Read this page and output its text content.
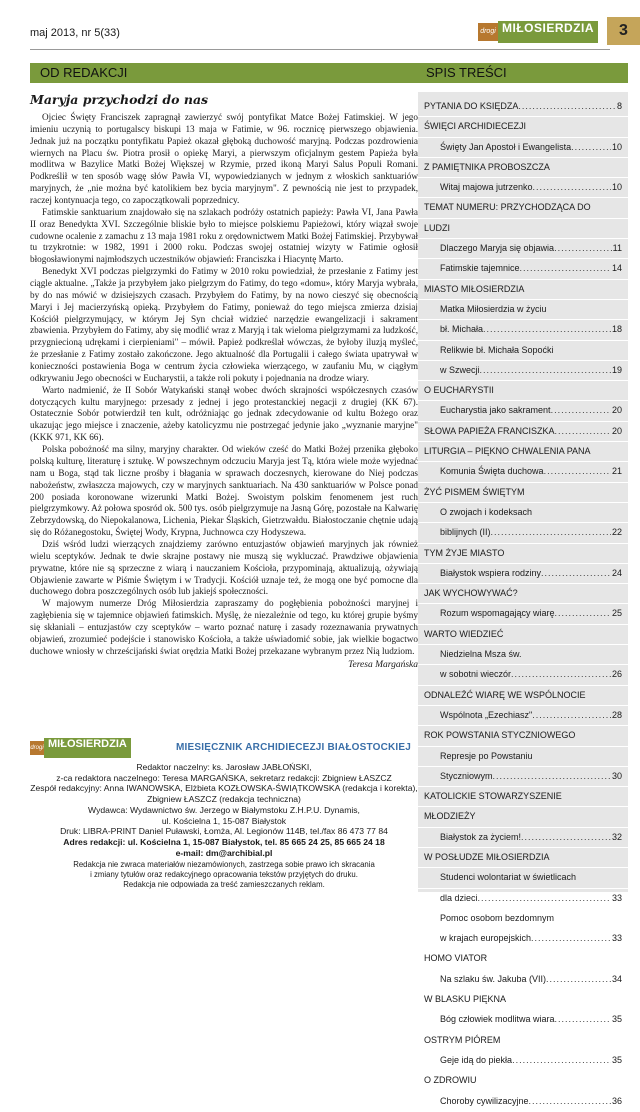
maj 2013, nr 5(33)	drogi MIŁOSIERDZIA	3
OD REDAKCJI	SPIS TREŚCI
Maryja przychodzi do nas

Ojciec Święty Franciszek zapragnął zawierzyć swój pontyfikat Matce Bożej Fatimskiej. W jego imieniu uczynią to portugalscy biskupi 13 maja w Fatimie, w 96. rocznicę pierwszego objawienia. Jednak już na początku pontyfikatu Papież okazał głęboką duchowość maryjną. Podczas pozdrowienia wiernych na Placu św. Piotra prosił o opiekę Maryi, a pierwszym oficjalnym gestem Papieża była modlitwa w Bazylice Matki Bożej Większej w Rzymie, przed ikoną Maryi Salus Populi Romani. Podkreślił w ten sposób wagę słów Pawła VI, wypowiedzianych w jednym z włoskich sanktuariów maryjnych, że „nie można być katolikiem bez bycia maryjnym". Z pewnością nie jest to przypadek, raczej kontynuacja tego, co zapoczątkowali poprzednicy.

Fatimskie sanktuarium znajdowało się na szlakach podróży ostatnich papieży: Pawła VI, Jana Pawła II oraz Benedykta XVI. Szczególnie bliskie było to miejsce polskiemu Papieżowi, który wiązał swoje cudowne ocalenie z zamachu z 13 maja 1981 roku z orędownictwem Matki Bożej Fatimskiej. Przybywał tu trzykrotnie: w 1982, 1991 i 2000 roku. Podczas swojej ostatniej wizyty w Fatimie ogłosił błogosławionymi najmłodszych uczestników objawień: Franciszka i Hiacyntę Marto.

Benedykt XVI podczas pielgrzymki do Fatimy w 2010 roku powiedział, że przesłanie z Fatimy jest ciągle aktualne. „Także ja przybyłem jako pielgrzym do Fatimy, do tego «domu», który Maryja wybrała, by do nas mówić w dzisiejszych czasach. Przybyłem do Fatimy, by na nowo cieszyć się obecnością Maryi i Jej macierzyńską opieką. Przybyłem do Fatimy, ponieważ do tego miejsca zmierza dzisiaj Kościół pielgrzymujący, w którym Jej Syn chciał widzieć narzędzie ewangelizacji i sakrament zbawienia. Przybyłem do Fatimy, aby się modlić wraz z Maryją i tak wieloma pielgrzymami za ludzkość, przygniecioną udrękami i cierpieniami" – mówił. Papież podkreślał wówczas, że byłoby iluzją myśleć, że przesłanie z Fatimy zostało zakończone. Jego aktualność dla Portugalii i całego świata upatrywał w konieczności postawienia Boga w centrum życia człowieka wierzącego, w zaufaniu Mu, w ciągłym odkrywaniu Jego obecności w Eucharystii, a także roli pokuty i pojednania na drodze wiary.

Warto nadmienić, że II Sobór Watykański stanął wobec dwóch skrajności współczesnych czasów dotyczących kultu maryjnego: przesady z jednej i jego protestanckiej negacji z drugiej (KK 67). Ostatecznie Sobór potwierdził ten kult, odróżniając go jednak zdecydowanie od kultu Bożego oraz ukazując jego miejsce i znaczenie, ażeby katolicyzmu nie postrzegać jedynie jako „wyznanie maryjne" (KKK 971, KK 66).

Polska pobożność ma silny, maryjny charakter. Od wieków cześć do Matki Bożej przenika głęboko polską kulturę, literaturę i sztukę. W powszechnym odczuciu Maryja jest Tą, która wiele może wyjednać nam u Boga, stąd tak liczne prośby i błagania w sprawach doczesnych, kierowane do Niej podczas nabożeństw, zwłaszcza majowych, czy w maryjnych sanktuariach. Na 430 sanktuariów w Polsce ponad 200 posiada koronowane wizerunki Matki Bożej. Swoistym polskim fenomenem jest ruch pielgrzymkowy. Aż połowa sposród ok. 500 tys. osób pielgrzymuje na Jasną Górę, pozostałe na Kalwarię Zebrzydowską, do Niepokalanowa, Lichenia, Piekar Śląskich, Gietrzwałdu. Białostoczanie chętnie udają się do Różanegostoku, Świętej Wody, Krypna, Juchnowca czy Hodyszewa.

Dziś wśród ludzi wierzących znajdziemy zarówno entuzjastów objawień maryjnych jak również wielu sceptyków. Jednak te dwie skrajne postawy nie muszą się wykluczać. Prawdziwe objawienia prywatne, które nie są sprzeczne z wiarą i nauczaniem Kościoła, przypominają, aktualizują, ożywiają Objawienie zawarte w Piśmie Świętym i w Tradycji. Kościół uznaje też, że mogą one być pomocne dla duchowego dobra poszczególnych osób lub jakiejś społeczności.

W majowym numerze Dróg Miłosierdzia zapraszamy do pogłębienia pobożności maryjnej i zagłębienia się w tajemnice objawień fatimskich. Myślę, że niezależnie od tego, ku której grupie byśmy się skłaniali – entuzjastów czy sceptyków – warto poznać naturę i zasady rozeznawania prywatnych objawień, zrozumieć podejście i stanowisko Kościoła, a także uświadomić sobie, jak wielkie bogactwo duchowe wniosły w chrześcijański świat orędzia Matki Bożej przekazane wybranym przez Nią ludziom.

Teresa Margańska
drogi MIŁOSIERDZIA	MIESIĘCZNIK ARCHIDIECEZJI BIAŁOSTOCKIEJ
Redaktor naczelny: ks. Jarosław JABŁOŃSKI,
z-ca redaktora naczelnego: Teresa MARGAŃSKA, sekretarz redakcji: Zbigniew ŁASZCZ
Zespół redakcyjny: Anna IWANOWSKA, Elżbieta KOZŁOWSKA-ŚWIĄTKOWSKA (redakcja i korekta),
Zbigniew ŁASZCZ (redakcja techniczna)
Wydawca: Wydawnictwo św. Jerzego w Białymstoku Z.H.P.U. Dynamis,
ul. Kościelna 1, 15-087 Białystok
Druk: LIBRA-PRINT Daniel Puławski, Łomża, Al. Legionów 114B, tel./fax 86 473 77 84
Adres redakcji: ul. Kościelna 1, 15-087 Białystok, tel. 85 665 24 25, 85 665 24 18
e-mail: dm@archibial.pl
Redakcja nie zwraca materiałów niezamówionych, zastrzega sobie prawo ich skracania
i zmiany tytułów oraz redakcyjnego opracowania tekstów przyjętych do druku.
Redakcja nie odpowiada za treść zamieszczanych reklam.
PYTANIA DO KSIĘDZA .....	8
ŚWIĘCI ARCHIDIECEZJI
Święty Jan Apostoł i Ewangelista .....	10
Z PAMIĘTNIKA PROBOSZCZA
Witaj majowa jutrzenko .....	10
TEMAT NUMERU: PRZYCHODZĄCA DO
LUDZI
Dlaczego Maryja się objawia .....	11
Fatimskie tajemnice .....	14
MIASTO MIŁOSIERDZIA
Matka Miłosierdzia w życiu
bł. Michała .....	18
Relikwie bł. Michała Sopoćki
w Szwecji .....	19
O EUCHARYSTII
Eucharystia jako sakrament .....	20
SŁOWA PAPIEŻA FRANCISZKA .....	20
LITURGIA – PIĘKNO CHWALENIA PANA
Komunia Święta duchowa .....	21
ŻYĆ PISMEM ŚWIĘTYM
O zwojach i kodeksach
biblijnych (II) .....	22
TYM ŻYJE MIASTO
Białystok wspiera rodziny .....	24
JAK WYCHOWYWAĆ?
Rozum wspomagający wiarę .....	25
WARTO WIEDZIEĆ
Niedzielna Msza św.
w sobotni wieczór .....	26
ODNALEŹĆ WIARĘ WE WSPÓLNOCIE
Wspólnota „Ezechiasz" .....	28
ROK POWSTANIA STYCZNIOWEGO
Represje po Powstaniu
Styczniowym .....	30
KATOLICKIE STOWARZYSZENIE
MŁODZIEŻY
Białystok za życiem! .....	32
W POSŁUDZE MIŁOSIERDZIA
Studenci wolontariat w świetlicach
dla dzieci .....	33
Pomoc osobom bezdomnym
w krajach europejskich .....	33
HOMO VIATOR
Na szlaku św. Jakuba (VII) .....	34
W BLASKU PIĘKNA
Bóg człowiek modlitwa wiara .....	35
OSTRYM PIÓREM
Geje idą do piekła .....	35
O ZDROWIU
Choroby cywilizacyjne .....	36
